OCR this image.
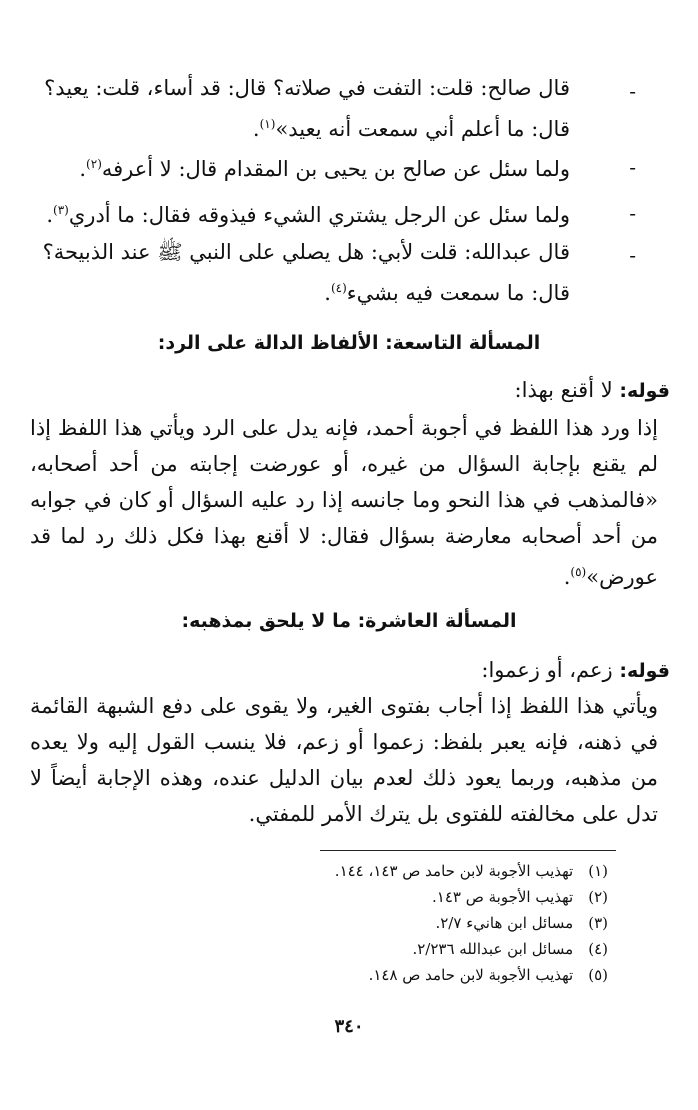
-
قال صالح: قلت: التفت في صلاته؟ قال: قد أساء، قلت: يعيد؟ قال: ما أعلم أني سمعت أنه يعيد»$^{(١)}$.
-
ولما سئل عن صالح بن يحيى بن المقدام قال: لا أعرفه$^{(٢)}$.
-
ولما سئل عن الرجل يشتري الشيء فيذوقه فقال: ما أدري$^{(٣)}$.
-
قال عبدالله: قلت لأبي: هل يصلي على النبي ﷺ عند الذبيحة؟ قال: ما سمعت فيه بشيء$^{(٤)}$.
المسألة التاسعة: الألفاظ الدالة على الرد:
قوله: لا أقنع بهذا:
إذا ورد هذا اللفظ في أجوبة أحمد، فإنه يدل على الرد ويأتي هذا اللفظ إذا لم يقنع بإجابة السؤال من غيره، أو عورضت إجابته من أحد أصحابه، «فالمذهب في هذا النحو وما جانسه إذا رد عليه السؤال أو كان في جوابه من أحد أصحابه معارضة بسؤال فقال: لا أقنع بهذا فكل ذلك رد لما قد عورض»$^{(٥)}$.
المسألة العاشرة: ما لا يلحق بمذهبه:
قوله: زعم، أو زعموا:
ويأتي هذا اللفظ إذا أجاب بفتوى الغير، ولا يقوى على دفع الشبهة القائمة في ذهنه، فإنه يعبر بلفظ: زعموا أو زعم، فلا ينسب القول إليه ولا يعده من مذهبه، وربما يعود ذلك لعدم بيان الدليل عنده، وهذه الإجابة أيضاً لا تدل على مخالفته للفتوى بل يترك الأمر للمفتي.
(١) تهذيب الأجوبة لابن حامد ص ١٤٣، ١٤٤.
(٢) تهذيب الأجوبة ص ١٤٣.
(٣) مسائل ابن هانيء ٢/٧.
(٤) مسائل ابن عبدالله ٢/٢٣٦.
(٥) تهذيب الأجوبة لابن حامد ص ١٤٨.
٣٤٠
